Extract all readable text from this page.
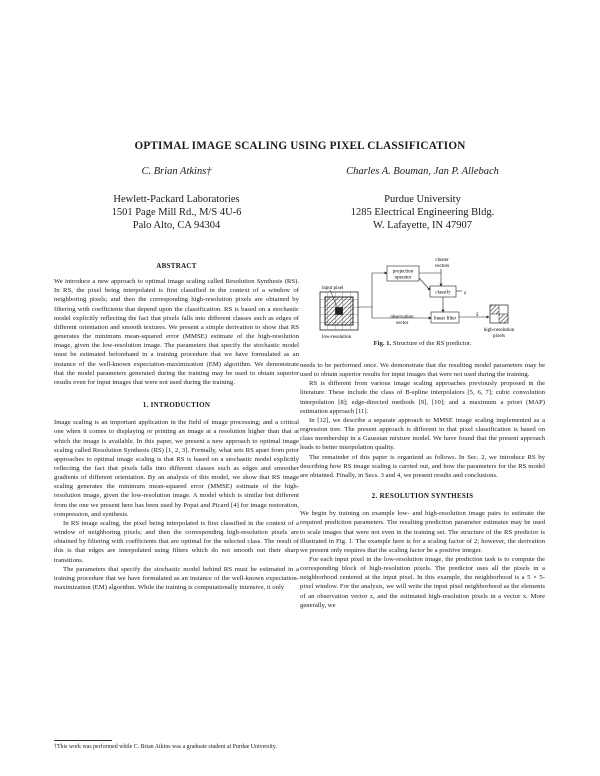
OPTIMAL IMAGE SCALING USING PIXEL CLASSIFICATION
C. Brian Atkins†	Charles A. Bouman, Jan P. Allebach
Hewlett-Packard Laboratories
1501 Page Mill Rd., M/S 4U-6
Palo Alto, CA 94304
Purdue University
1285 Electrical Engineering Bldg.
W. Lafayette, IN 47907
ABSTRACT

We introduce a new approach to optimal image scaling called Resolution Synthesis (RS). In RS, the pixel being interpolated is first classified in the context of a window of neighboring pixels; and then the corresponding high-resolution pixels are obtained by filtering with coefficients that depend upon the classification. RS is based on a stochastic model explicitly reflecting the fact that pixels falls into different classes such as edges of different orientation and smooth textures. We present a simple derivation to show that RS generates the minimum mean-squared error (MMSE) estimate of the high-resolution image, given the low-resolution image. The parameters that specify the stochastic model must be estimated beforehand in a training procedure that we have formulated as an instance of the well-known expectation-maximization (EM) algorithm. We demonstrate that the model parameters generated during the training may be used to obtain superior results even for input images that were not used during the training.

1. INTRODUCTION

Image scaling is an important application in the field of image processing; and a critical one when it comes to displaying or printing an image at a resolution higher than that at which the image is available. In this paper, we present a new approach to optimal image scaling called Resolution Synthesis (RS) [1, 2, 3]. Formally, what sets RS apart from prior approaches to optimal image scaling is that RS is based on a stochastic model explicitly reflecting the fact that pixels falls into different classes such as edges and smoother gradients of different orientation. By an analysis of this model, we show that RS image scaling generates the minimum mean-squared error (MMSE) estimate of the high-resolution image, given the low-resolution image. A model which is similar but different from the one we present here has been used by Popat and Picard [4] for image restoration, compression, and synthesis.

In RS image scaling, the pixel being interpolated is first classified in the context of a window of neighboring pixels; and then the corresponding high-resolution pixels are obtained by filtering with coefficients that are optimal for the selected class. The result of this is that edges are interpolated using filters which do not smooth out their sharp transitions.

The parameters that specify the stochastic model behind RS must be estimated in a training procedure that we have formulated as an instance of the well-known expectation-maximization (EM) algorithm. While the training is computationally intensive, it only

†This work was performed while C. Brian Atkins was a graduate student at Purdue University.
input pixel
low-resolution
projection
operator
cluster
vectors
classify
linear filter
high-resolution
pixels
observation
vector
z
x̂
Fig. 1. Structure of the RS predictor.

needs to be performed once. We demonstrate that the resulting model parameters may be used to obtain superior results for input images that were not used during the training.

RS is different from various image scaling approaches previously proposed in the literature. These include the class of B-spline interpolators [5, 6, 7]; cubic convolution interpolation [8]; edge-directed methods [9], [10]; and a maximum a priori (MAP) estimation approach [11].

In [12], we describe a separate approach to MMSE image scaling implemented as a regression tree. The present approach is different in that pixel classification is based on class membership in a Gaussian mixture model. We have found that the present approach leads to better interpolation quality.

The remainder of this paper is organized as follows. In Sec. 2, we introduce RS by describing how RS image scaling is carried out, and how the parameters for the RS model are obtained. Finally, in Secs. 3 and 4, we present results and conclusions.

2. RESOLUTION SYNTHESIS

We begin by training on example low- and high-resolution image pairs to estimate the required prediction parameters. The resulting prediction parameter estimates may be used to scale images that were not even in the training set. The structure of the RS predictor is illustrated in Fig. 1. The example here is for a scaling factor of 2; however, the derivation we present only requires that the scaling factor be a positive integer.

For each input pixel in the low-resolution image, the prediction task is to compute the corresponding block of high-resolution pixels. The predictor uses all the pixels in a neighborhood centered at the input pixel. In this example, the neighborhood is a 5 × 5-pixel window. For the analysis, we will write the input pixel neighborhood as the elements of an observation vector z, and the estimated high-resolution pixels in a vector x. More generally, we
